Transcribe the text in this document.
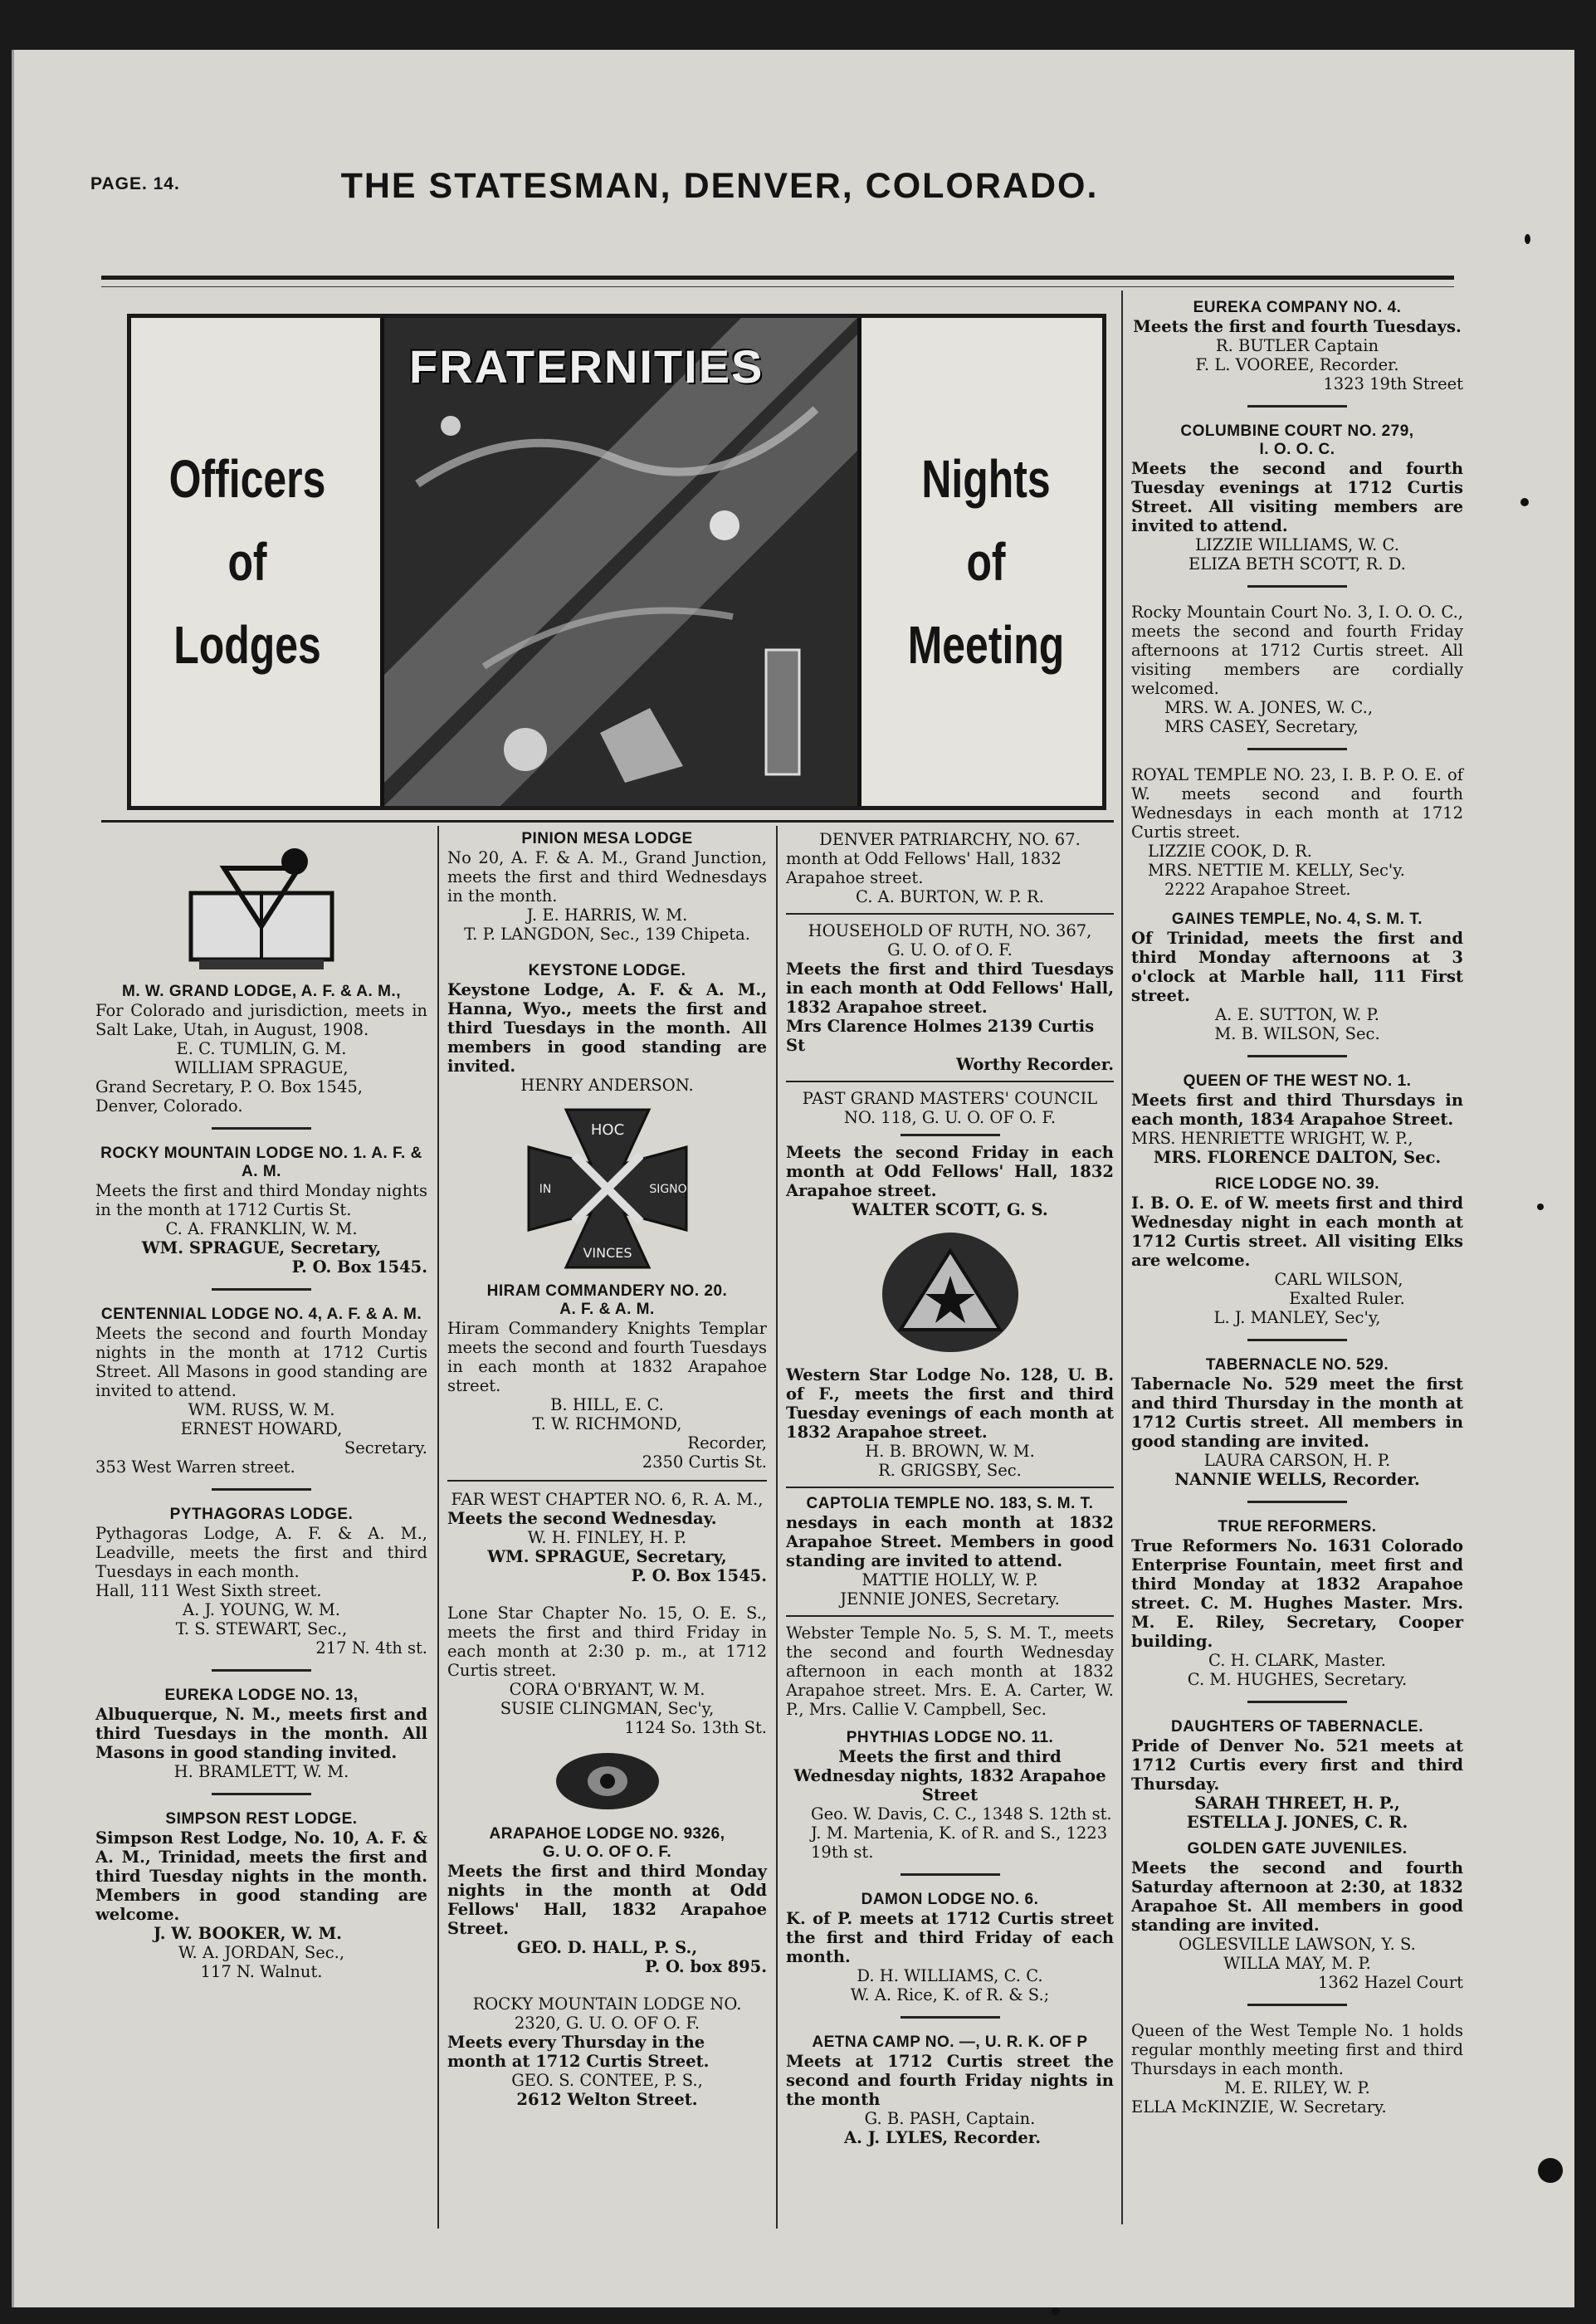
PAGE. 14.	THE STATESMAN, DENVER, COLORADO.
Officers
of
Lodges
FRATERNITIES
Nights
of
Meeting

M. W. GRAND LODGE, A. F. & A. M.,

For Colorado and jurisdiction, meets in Salt Lake, Utah, in August, 1908.

E. C. TUMLIN, G. M.

WILLIAM SPRAGUE,

Grand Secretary, P. O. Box 1545, Denver, Colorado.

ROCKY MOUNTAIN LODGE NO. 1. A. F. & A. M.

Meets the first and third Monday nights in the month at 1712 Curtis St.

C. A. FRANKLIN, W. M.

WM. SPRAGUE, Secretary,

P. O. Box 1545.

CENTENNIAL LODGE NO. 4, A. F. & A. M.

Meets the second and fourth Monday nights in the month at 1712 Curtis Street. All Masons in good standing are invited to attend.

WM. RUSS, W. M.

ERNEST HOWARD,

Secretary.

353 West Warren street.

PYTHAGORAS LODGE.

Pythagoras Lodge, A. F. & A. M., Leadville, meets the first and third Tuesdays in each month.

Hall, 111 West Sixth street.

A. J. YOUNG, W. M.

T. S. STEWART, Sec.,

217 N. 4th st.

EUREKA LODGE NO. 13,

Albuquerque, N. M., meets first and third Tuesdays in the month. All Masons in good standing invited.

H. BRAMLETT, W. M.

SIMPSON REST LODGE.

Simpson Rest Lodge, No. 10, A. F. & A. M., Trinidad, meets the first and third Tuesday nights in the month. Members in good standing are welcome.

J. W. BOOKER, W. M.

W. A. JORDAN, Sec.,

117 N. Walnut.

PINION MESA LODGE

No 20, A. F. & A. M., Grand Junction, meets the first and third Wednesdays in the month.

J. E. HARRIS, W. M.

T. P. LANGDON, Sec., 139 Chipeta.

KEYSTONE LODGE.

Keystone Lodge, A. F. & A. M., Hanna, Wyo., meets the first and third Tuesdays in the month. All members in good standing are invited.

HENRY ANDERSON.

HOC
VINCES
SIGNO
IN

HIRAM COMMANDERY NO. 20.

A. F. & A. M.

Hiram Commandery Knights Templar meets the second and fourth Tuesdays in each month at 1832 Arapahoe street.

B. HILL, E. C.

T. W. RICHMOND,

Recorder,

2350 Curtis St.

FAR WEST CHAPTER NO. 6, R. A. M.,

Meets the second Wednesday.

W. H. FINLEY, H. P.

WM. SPRAGUE, Secretary,

P. O. Box 1545.

Lone Star Chapter No. 15, O. E. S., meets the first and third Friday in each month at 2:30 p. m., at 1712 Curtis street.

CORA O'BRYANT, W. M.

SUSIE CLINGMAN, Sec'y,

1124 So. 13th St.

ARAPAHOE LODGE NO. 9326,

G. U. O. OF O. F.

Meets the first and third Monday nights in the month at Odd Fellows' Hall, 1832 Arapahoe Street.

GEO. D. HALL, P. S.,

P. O. box 895.

ROCKY MOUNTAIN LODGE NO.

2320, G. U. O. OF O. F.

Meets every Thursday in the month at 1712 Curtis Street.

GEO. S. CONTEE, P. S.,

2612 Welton Street.

DENVER PATRIARCHY, NO. 67.

month at Odd Fellows' Hall, 1832 Arapahoe street.

C. A. BURTON, W. P. R.

HOUSEHOLD OF RUTH, NO. 367,

G. U. O. of O. F.

Meets the first and third Tuesdays in each month at Odd Fellows' Hall, 1832 Arapahoe street.

Mrs Clarence Holmes 2139 Curtis St

Worthy Recorder.

PAST GRAND MASTERS' COUNCIL

NO. 118, G. U. O. OF O. F.

Meets the second Friday in each month at Odd Fellows' Hall, 1832 Arapahoe street.

WALTER SCOTT, G. S.

Western Star Lodge No. 128, U. B. of F., meets the first and third Tuesday evenings of each month at 1832 Arapahoe street.

H. B. BROWN, W. M.

R. GRIGSBY, Sec.

CAPTOLIA TEMPLE NO. 183, S. M. T.

nesdays in each month at 1832 Arapahoe Street. Members in good standing are invited to attend.

MATTIE HOLLY, W. P.

JENNIE JONES, Secretary.

Webster Temple No. 5, S. M. T., meets the second and fourth Wednesday afternoon in each month at 1832 Arapahoe street. Mrs. E. A. Carter, W. P., Mrs. Callie V. Campbell, Sec.

PHYTHIAS LODGE NO. 11.

Meets the first and third Wednesday nights, 1832 Arapahoe Street

Geo. W. Davis, C. C., 1348 S. 12th st.

J. M. Martenia, K. of R. and S., 1223 19th st.

DAMON LODGE NO. 6.

K. of P. meets at 1712 Curtis street the first and third Friday of each month.

D. H. WILLIAMS, C. C.

W. A. Rice, K. of R. & S.;

AETNA CAMP NO. —, U. R. K. OF P

Meets at 1712 Curtis street the second and fourth Friday nights in the month

G. B. PASH, Captain.

A. J. LYLES, Recorder.

EUREKA COMPANY NO. 4.

Meets the first and fourth Tuesdays.

R. BUTLER Captain

F. L. VOOREE, Recorder.

1323 19th Street

COLUMBINE COURT NO. 279,

I. O. O. C.

Meets the second and fourth Tuesday evenings at 1712 Curtis Street. All visiting members are invited to attend.

LIZZIE WILLIAMS, W. C.

ELIZA BETH SCOTT, R. D.

Rocky Mountain Court No. 3, I. O. O. C., meets the second and fourth Friday afternoons at 1712 Curtis street. All visiting members are cordially welcomed.

MRS. W. A. JONES, W. C.,

MRS CASEY, Secretary,

ROYAL TEMPLE NO. 23, I. B. P. O. E. of W. meets second and fourth Wednesdays in each month at 1712 Curtis street.

LIZZIE COOK, D. R.

MRS. NETTIE M. KELLY, Sec'y.

2222 Arapahoe Street.

GAINES TEMPLE, No. 4, S. M. T.

Of Trinidad, meets the first and third Monday afternoons at 3 o'clock at Marble hall, 111 First street.

A. E. SUTTON, W. P.

M. B. WILSON, Sec.

QUEEN OF THE WEST NO. 1.

Meets first and third Thursdays in each month, 1834 Arapahoe Street.

MRS. HENRIETTE WRIGHT, W. P.,

MRS. FLORENCE DALTON, Sec.

RICE LODGE NO. 39.

I. B. O. E. of W. meets first and third Wednesday night in each month at 1712 Curtis street. All visiting Elks are welcome.

CARL WILSON,

Exalted Ruler.

L. J. MANLEY, Sec'y,

TABERNACLE NO. 529.

Tabernacle No. 529 meet the first and third Thursday in the month at 1712 Curtis street. All members in good standing are invited.

LAURA CARSON, H. P.

NANNIE WELLS, Recorder.

TRUE REFORMERS.

True Reformers No. 1631 Colorado Enterprise Fountain, meet first and third Monday at 1832 Arapahoe street. C. M. Hughes Master. Mrs. M. E. Riley, Secretary, Cooper building.

C. H. CLARK, Master.

C. M. HUGHES, Secretary.

DAUGHTERS OF TABERNACLE.

Pride of Denver No. 521 meets at 1712 Curtis every first and third Thursday.

SARAH THREET, H. P.,

ESTELLA J. JONES, C. R.

GOLDEN GATE JUVENILES.

Meets the second and fourth Saturday afternoon at 2:30, at 1832 Arapahoe St. All members in good standing are invited.

OGLESVILLE LAWSON, Y. S.

WILLA MAY, M. P.

1362 Hazel Court

Queen of the West Temple No. 1 holds regular monthly meeting first and third Thursdays in each month.

M. E. RILEY, W. P.

ELLA McKINZIE, W. Secretary.
